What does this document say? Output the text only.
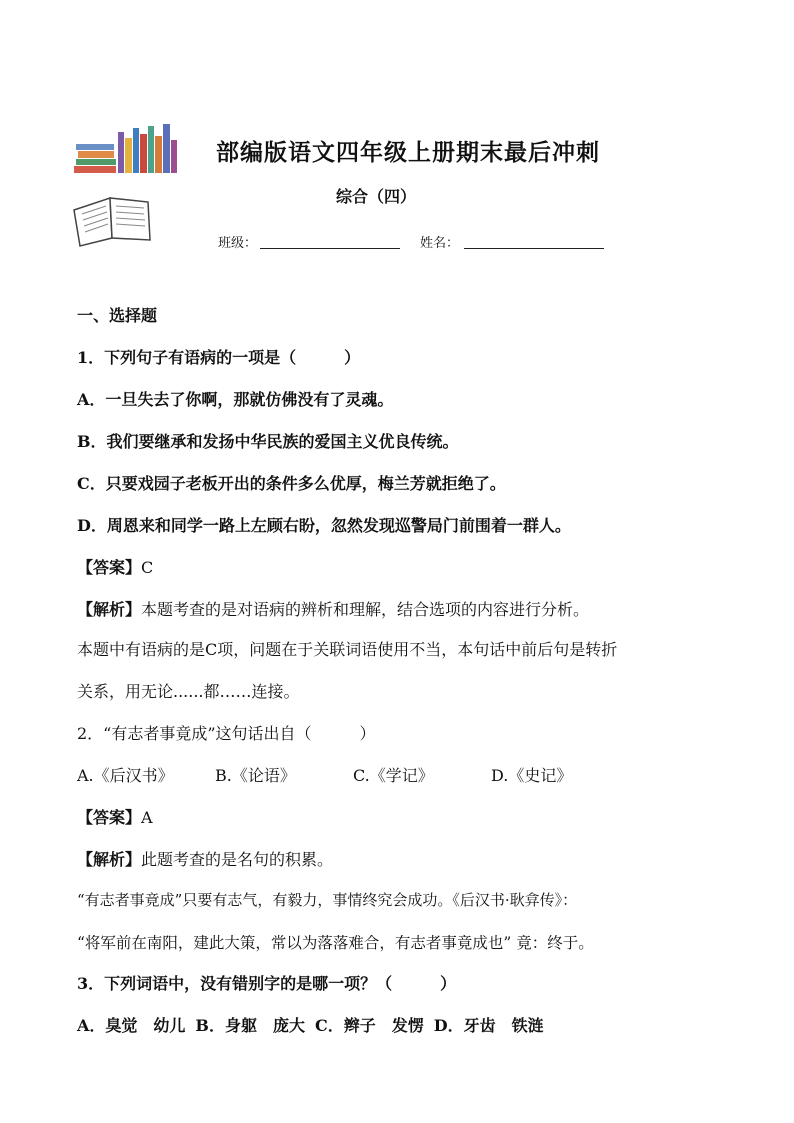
部编版语文四年级上册期末最后冲刺
综合（四）
班级：	姓名：
一、选择题
1．下列句子有语病的一项是（　　　）
A．一旦失去了你啊，那就仿佛没有了灵魂。
B．我们要继承和发扬中华民族的爱国主义优良传统。
C．只要戏园子老板开出的条件多么优厚，梅兰芳就拒绝了。
D．周恩来和同学一路上左顾右盼，忽然发现巡警局门前围着一群人。
【答案】C
【解析】本题考查的是对语病的辨析和理解，结合选项的内容进行分析。
本题中有语病的是C项，问题在于关联词语使用不当，本句话中前后句是转折
关系，用无论......都……连接。
2．“有志者事竟成”这句话出自（　　　）
A.《后汉书》	B.《论语》	C.《学记》	D.《史记》
【答案】A
【解析】此题考查的是名句的积累。
“有志者事竟成”只要有志气，有毅力，事情终究会成功。《后汉书·耿弇传》：
“将军前在南阳，建此大策，常以为落落难合，有志者事竟成也” 竟：终于。
3．下列词语中，没有错别字的是哪一项？（　　　）
A．臭觉　幼儿 B．身躯　庞大 C．辫子　发愣 D．牙齿　铁涟
